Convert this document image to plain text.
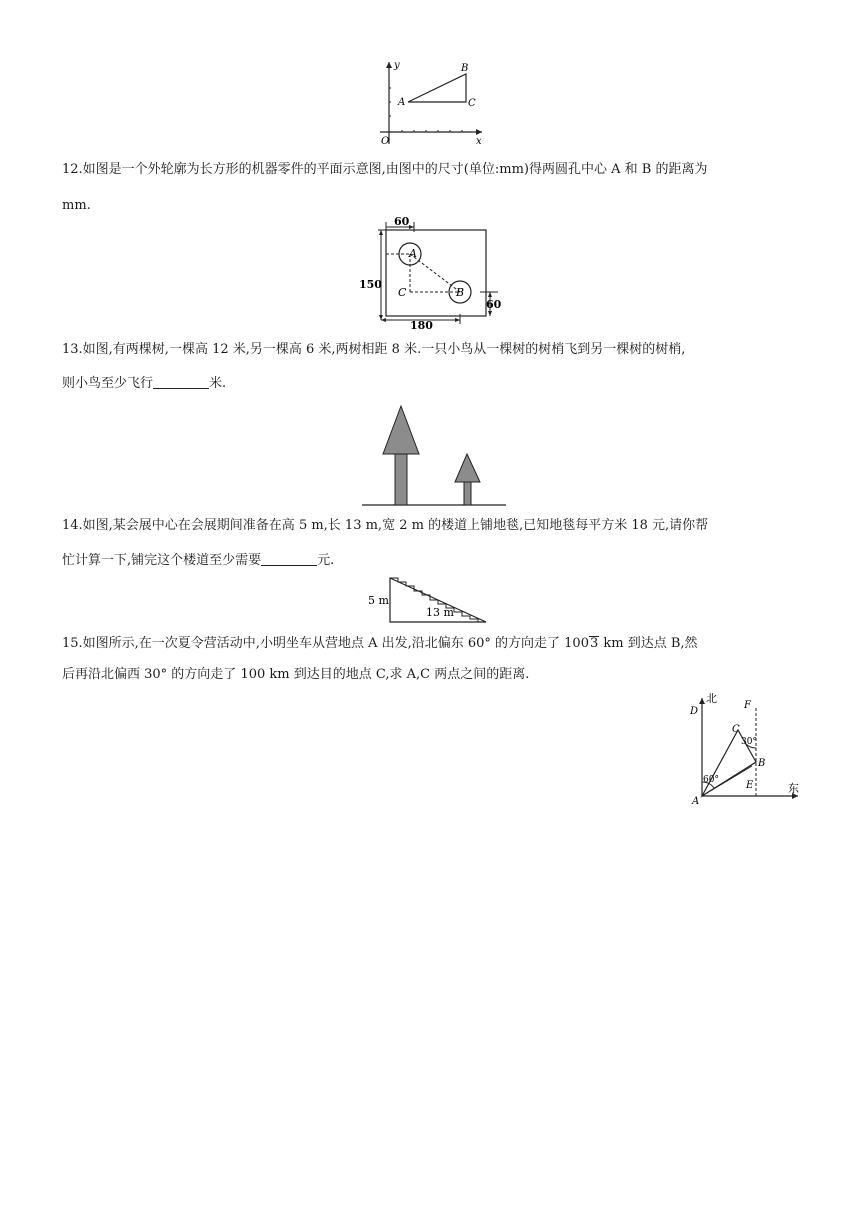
y
x
O
A
B
C
12.如图是一个外轮廓为长方形的机器零件的平面示意图,由图中的尺寸(单位:mm)得两圆孔中心 A 和 B 的距离为
mm.
60
150
180
60
A
B
C
13.如图,有两棵树,一棵高 12 米,另一棵高 6 米,两树相距 8 米.一只小鸟从一棵树的树梢飞到另一棵树的树梢,
则小鸟至少飞行	米.
14.如图,某会展中心在会展期间准备在高 5 m,长 13 m,宽 2 m 的楼道上铺地毯,已知地毯每平方米 18 元,请你帮
忙计算一下,铺完这个楼道至少需要	元.
5 m
13 m
15.如图所示,在一次夏令营活动中,小明坐车从营地点 A 出发,沿北偏东 60° 的方向走了 1003 km 到达点 B,然
后再沿北偏西 30° 的方向走了 100 km 到达目的地点 C,求 A,C 两点之间的距离.
北
东
D
F
C
B
A
E
60°
30°
